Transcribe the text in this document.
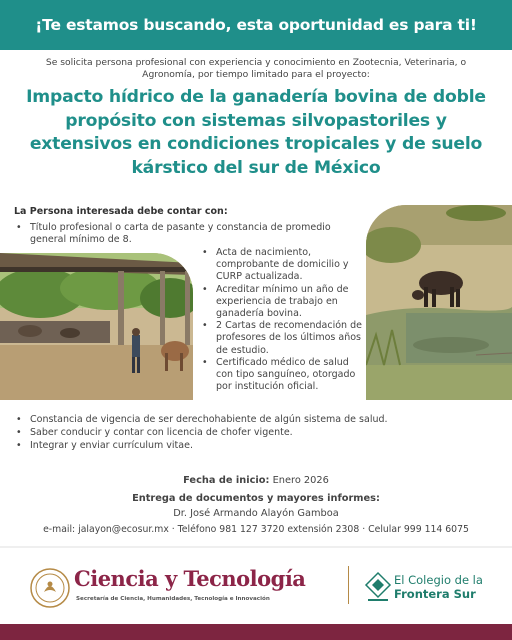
¡Te estamos buscando, esta oportunidad es para ti!
Se solicita persona profesional con experiencia y conocimiento en Zootecnia, Veterinaria, o Agronomía, por tiempo limitado para el proyecto:
Impacto hídrico de la ganadería bovina de doble propósito con sistemas silvopastoriles y extensivos en condiciones tropicales y de suelo kárstico del sur de México
La Persona interesada debe contar con:
• Título profesional o carta de pasante y constancia de promedio general mínimo de 8.
• Acta de nacimiento, comprobante de domicilio y CURP actualizada.
• Acreditar mínimo un año de experiencia de trabajo en ganadería bovina.
• 2 Cartas de recomendación de profesores de los últimos años de estudio.
• Certificado médico de salud con tipo sanguíneo, otorgado por institución oficial.
• Constancia de vigencia de ser derechohabiente de algún sistema de salud.
• Saber conducir y contar con licencia de chofer vigente.
• Integrar y enviar currículum vitae.
Fecha de inicio: Enero 2026
Entrega de documentos y mayores informes:
Dr. José Armando Alayón Gamboa
e-mail: jalayon@ecosur.mx · Teléfono 981 127 3720 extensión 2308 · Celular 999 114 6075
Ciencia y Tecnología
Secretaría de Ciencia, Humanidades, Tecnología e Innovación
El Colegio de la
Frontera Sur
